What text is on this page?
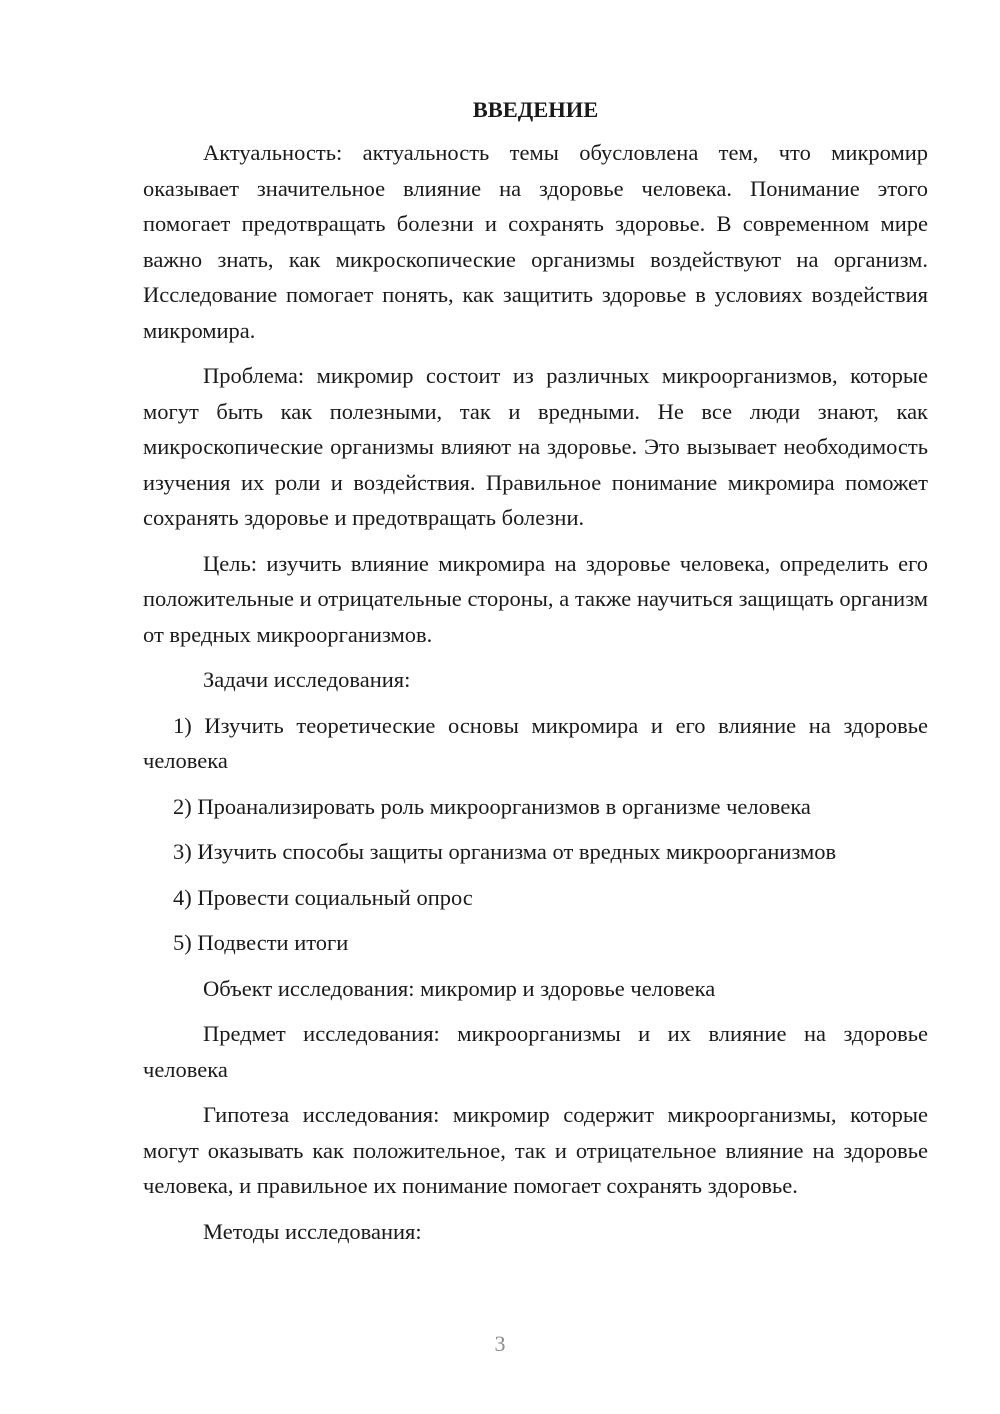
ВВЕДЕНИЕ
Актуальность: актуальность темы обусловлена тем, что микромир оказывает значительное влияние на здоровье человека. Понимание этого помогает предотвращать болезни и сохранять здоровье. В современном мире важно знать, как микроскопические организмы воздействуют на организм. Исследование помогает понять, как защитить здоровье в условиях воздействия микромира.
Проблема: микромир состоит из различных микроорганизмов, которые могут быть как полезными, так и вредными. Не все люди знают, как микроскопические организмы влияют на здоровье. Это вызывает необходимость изучения их роли и воздействия. Правильное понимание микромира поможет сохранять здоровье и предотвращать болезни.
Цель: изучить влияние микромира на здоровье человека, определить его положительные и отрицательные стороны, а также научиться защищать организм от вредных микроорганизмов.
Задачи исследования:
1) Изучить теоретические основы микромира и его влияние на здоровье человека
2) Проанализировать роль микроорганизмов в организме человека
3) Изучить способы защиты организма от вредных микроорганизмов
4) Провести социальный опрос
5) Подвести итоги
Объект исследования: микромир и здоровье человека
Предмет исследования: микроорганизмы и их влияние на здоровье человека
Гипотеза исследования: микромир содержит микроорганизмы, которые могут оказывать как положительное, так и отрицательное влияние на здоровье человека, и правильное их понимание помогает сохранять здоровье.
Методы исследования:
3
